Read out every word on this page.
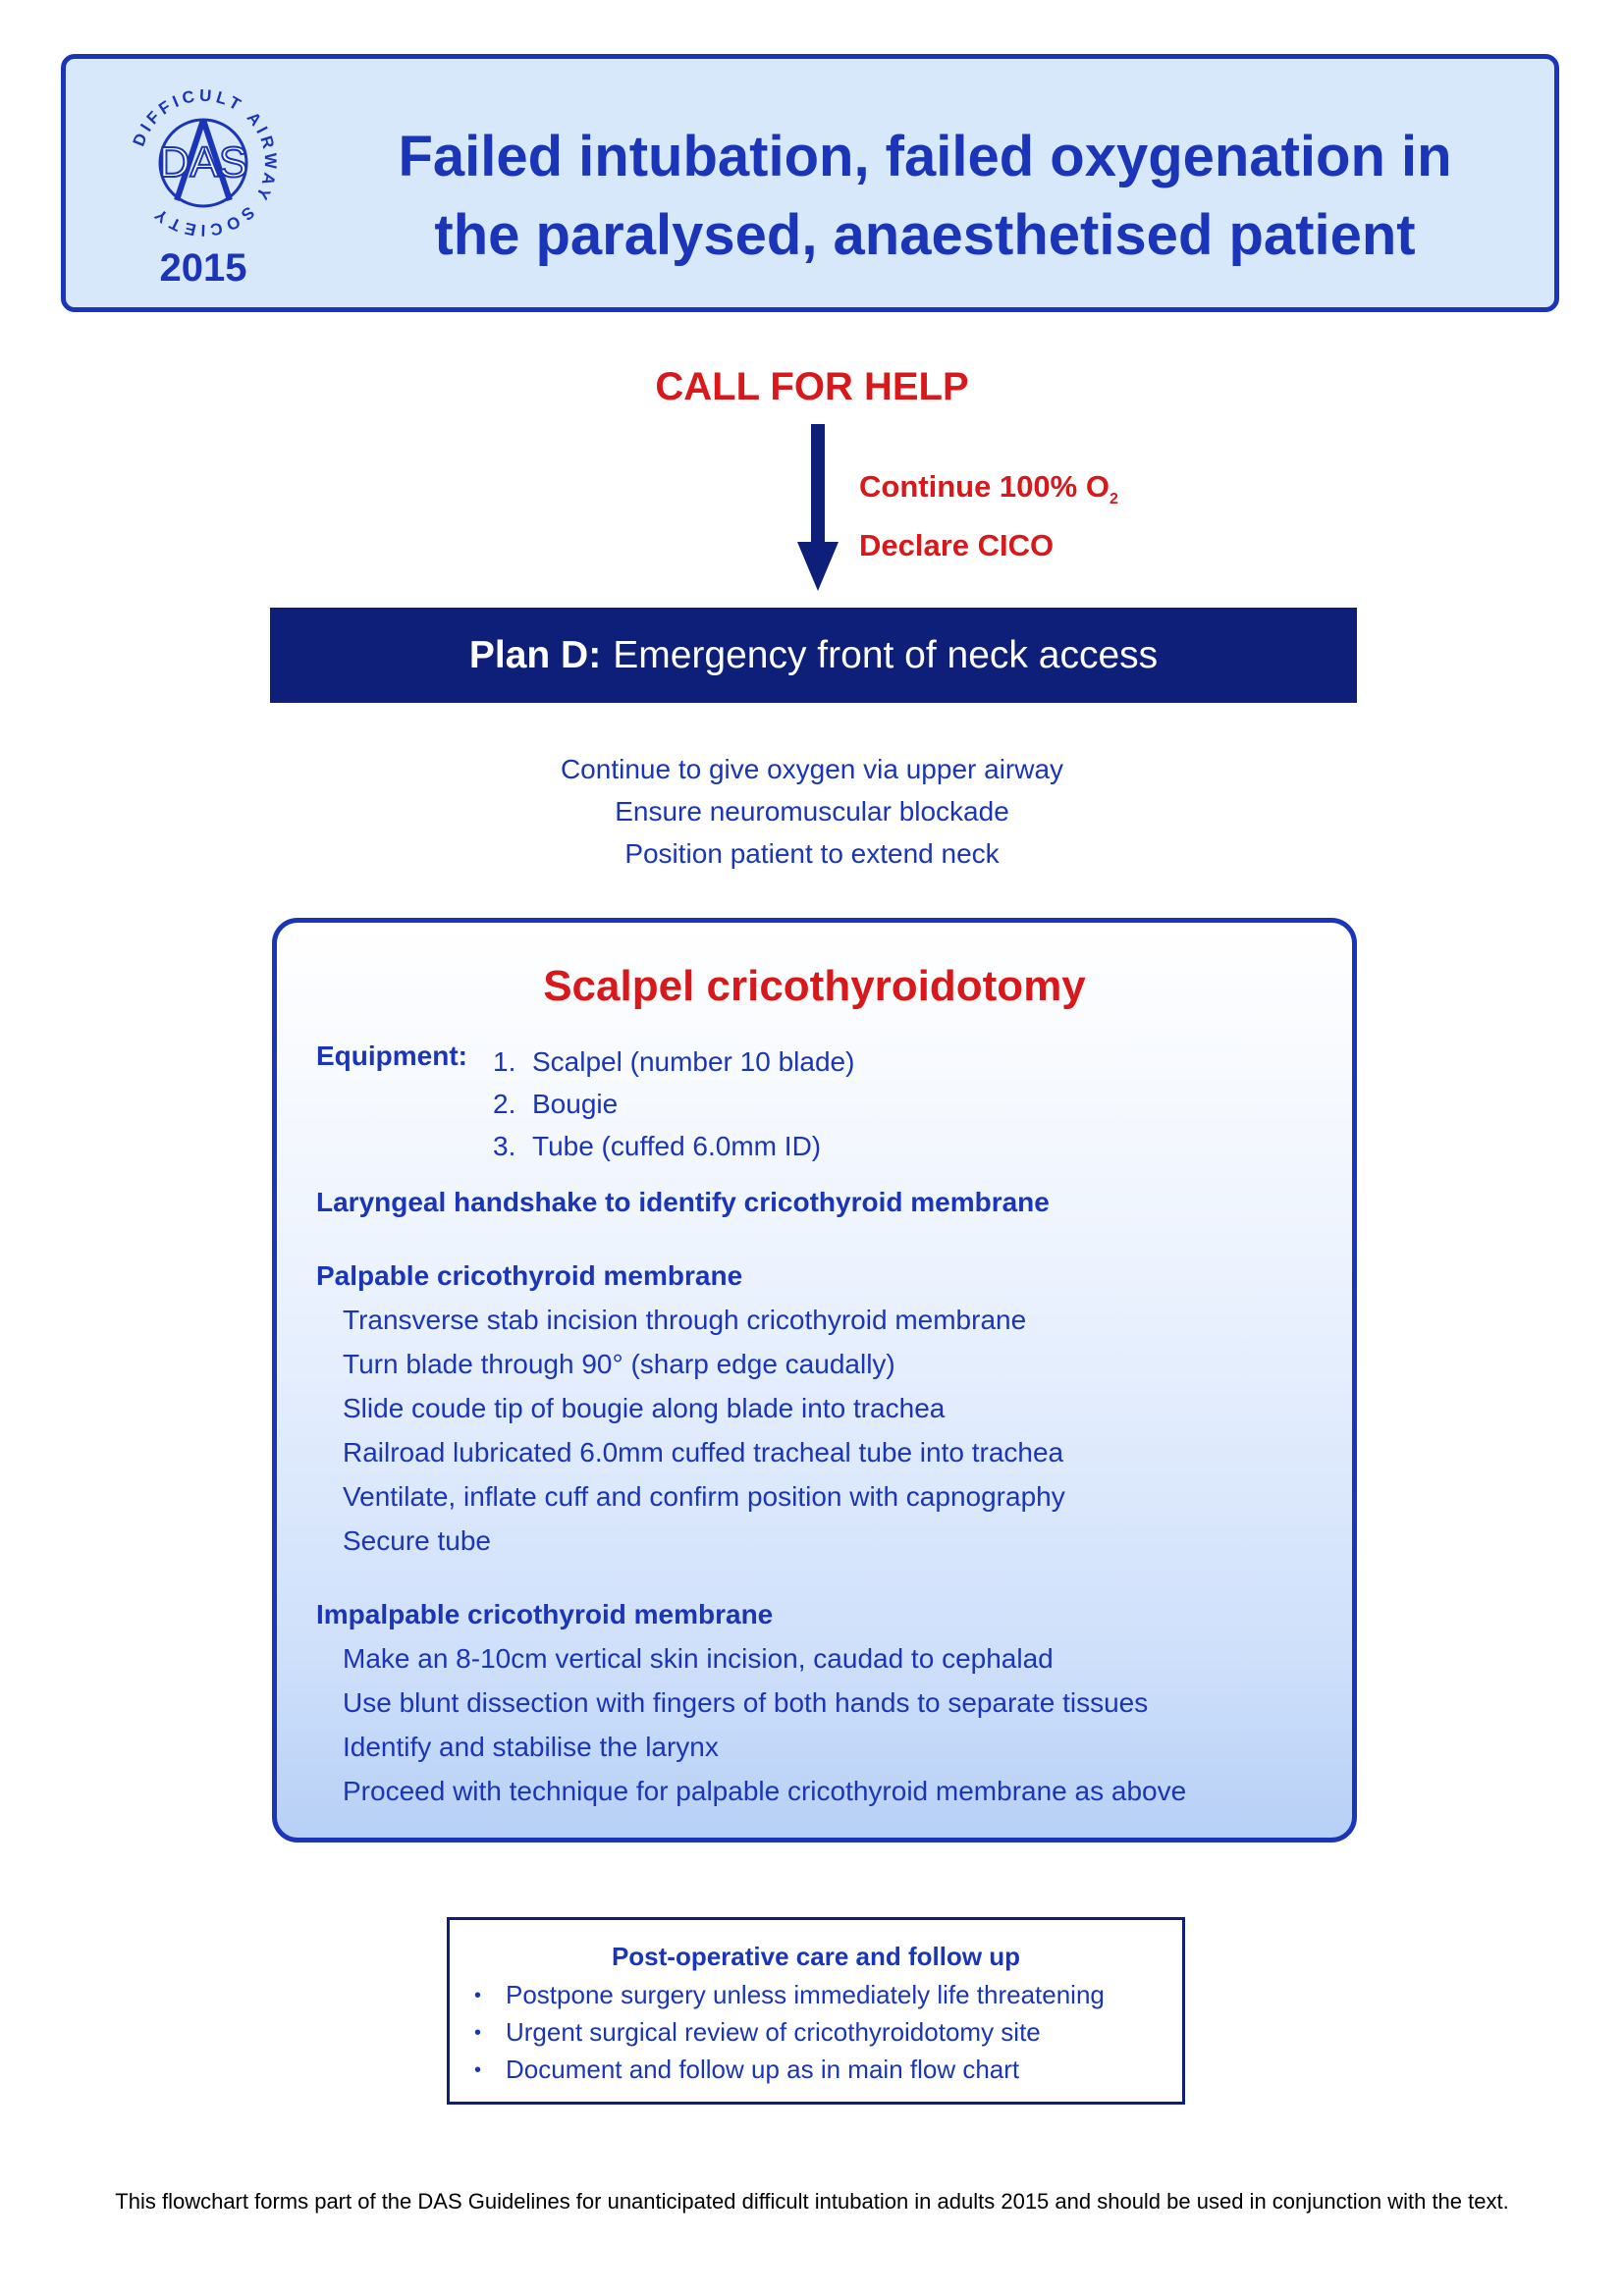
DIFFICULT AIRWAY SOCIETY
DAS
2015
Failed intubation, failed oxygenation in
the paralysed, anaesthetised patient
CALL FOR HELP
Continue 100% $O_2$
Declare CICO
Plan D: Emergency front of neck access
Continue to give oxygen via upper airway
Ensure neuromuscular blockade
Position patient to extend neck
Scalpel cricothyroidotomy
Equipment: 1. Scalpel (number 10 blade)
2. Bougie
3. Tube (cuffed 6.0mm ID)
Laryngeal handshake to identify cricothyroid membrane
Palpable cricothyroid membrane
Transverse stab incision through cricothyroid membrane
Turn blade through 90° (sharp edge caudally)
Slide coude tip of bougie along blade into trachea
Railroad lubricated 6.0mm cuffed tracheal tube into trachea
Ventilate, inflate cuff and confirm position with capnography
Secure tube
Impalpable cricothyroid membrane
Make an 8-10cm vertical skin incision, caudad to cephalad
Use blunt dissection with fingers of both hands to separate tissues
Identify and stabilise the larynx
Proceed with technique for palpable cricothyroid membrane as above
Post-operative care and follow up
• Postpone surgery unless immediately life threatening
• Urgent surgical review of cricothyroidotomy site
• Document and follow up as in main flow chart
This flowchart forms part of the DAS Guidelines for unanticipated difficult intubation in adults 2015 and should be used in conjunction with the text.
